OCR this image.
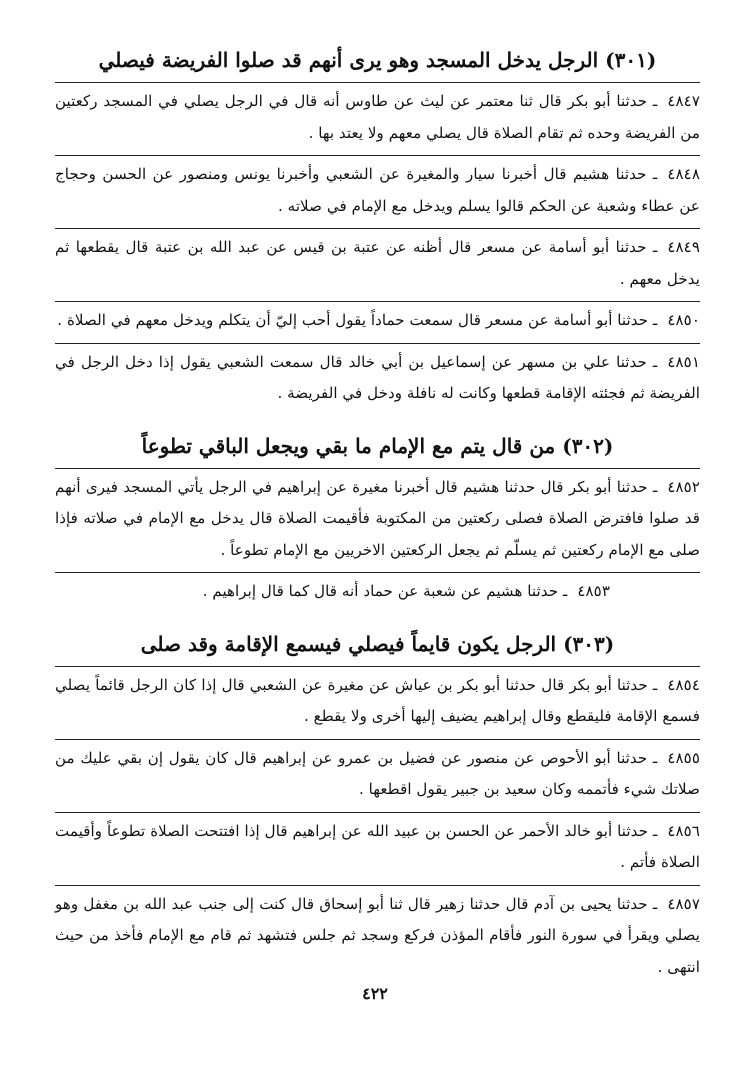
(٣٠١) الرجل يدخل المسجد وهو يرى أنهم قد صلوا الفريضة فيصلي

٤٨٤٧ـ حدثنا أبو بكر قال ثنا معتمر عن ليث عن طاوس أنه قال في الرجل يصلي في المسجد ركعتين من الفريضة وحده ثم تقام الصلاة قال يصلي معهم ولا يعتد بها .

٤٨٤٨ـ حدثنا هشيم قال أخبرنا سيار والمغيرة عن الشعبي وأخبرنا يونس ومنصور عن الحسن وحجاج عن عطاء وشعبة عن الحكم قالوا يسلم ويدخل مع الإمام في صلاته .

٤٨٤٩ـ حدثنا أبو أسامة عن مسعر قال أظنه عن عتبة بن قيس عن عبد الله بن عتبة قال يقطعها ثم يدخل معهم .

٤٨٥٠ـ حدثنا أبو أسامة عن مسعر قال سمعت حماداً يقول أحب إليّ أن يتكلم ويدخل معهم في الصلاة .

٤٨٥١ـ حدثنا علي بن مسهر عن إسماعيل بن أبي خالد قال سمعت الشعبي يقول إذا دخل الرجل في الفريضة ثم فجئته الإقامة قطعها وكانت له نافلة ودخل في الفريضة .

(٣٠٢) من قال يتم مع الإمام ما بقي ويجعل الباقي تطوعاً

٤٨٥٢ـ حدثنا أبو بكر قال حدثنا هشيم قال أخبرنا مغيرة عن إبراهيم في الرجل يأتي المسجد فيرى أنهم قد صلوا فافترض الصلاة فصلى ركعتين من المكتوبة فأقيمت الصلاة قال يدخل مع الإمام في صلاته فإذا صلى مع الإمام ركعتين ثم يسلّم ثم يجعل الركعتين الاخريين مع الإمام تطوعاً .

٤٨٥٣ـ حدثنا هشيم عن شعبة عن حماد أنه قال كما قال إبراهيم .

(٣٠٣) الرجل يكون قايماً فيصلي فيسمع الإقامة وقد صلى

٤٨٥٤ـ حدثنا أبو بكر قال حدثنا أبو بكر بن عياش عن مغيرة عن الشعبي قال إذا كان الرجل قائماً يصلي فسمع الإقامة فليقطع وقال إبراهيم يضيف إليها أخرى ولا يقطع .

٤٨٥٥ـ حدثنا أبو الأحوص عن منصور عن فضيل بن عمرو عن إبراهيم قال كان يقول إن بقي عليك من صلاتك شيء فأتممه وكان سعيد بن جبير يقول اقطعها .

٤٨٥٦ـ حدثنا أبو خالد الأحمر عن الحسن بن عبيد الله عن إبراهيم قال إذا افتتحت الصلاة تطوعاً وأقيمت الصلاة فأتم .

٤٨٥٧ـ حدثنا يحيى بن آدم قال حدثنا زهير قال ثنا أبو إسحاق قال كنت إلى جنب عبد الله بن مغفل وهو يصلي ويقرأ في سورة النور فأقام المؤذن فركع وسجد ثم جلس فتشهد ثم قام مع الإمام فأخذ من حيث انتهى .

٤٢٢
